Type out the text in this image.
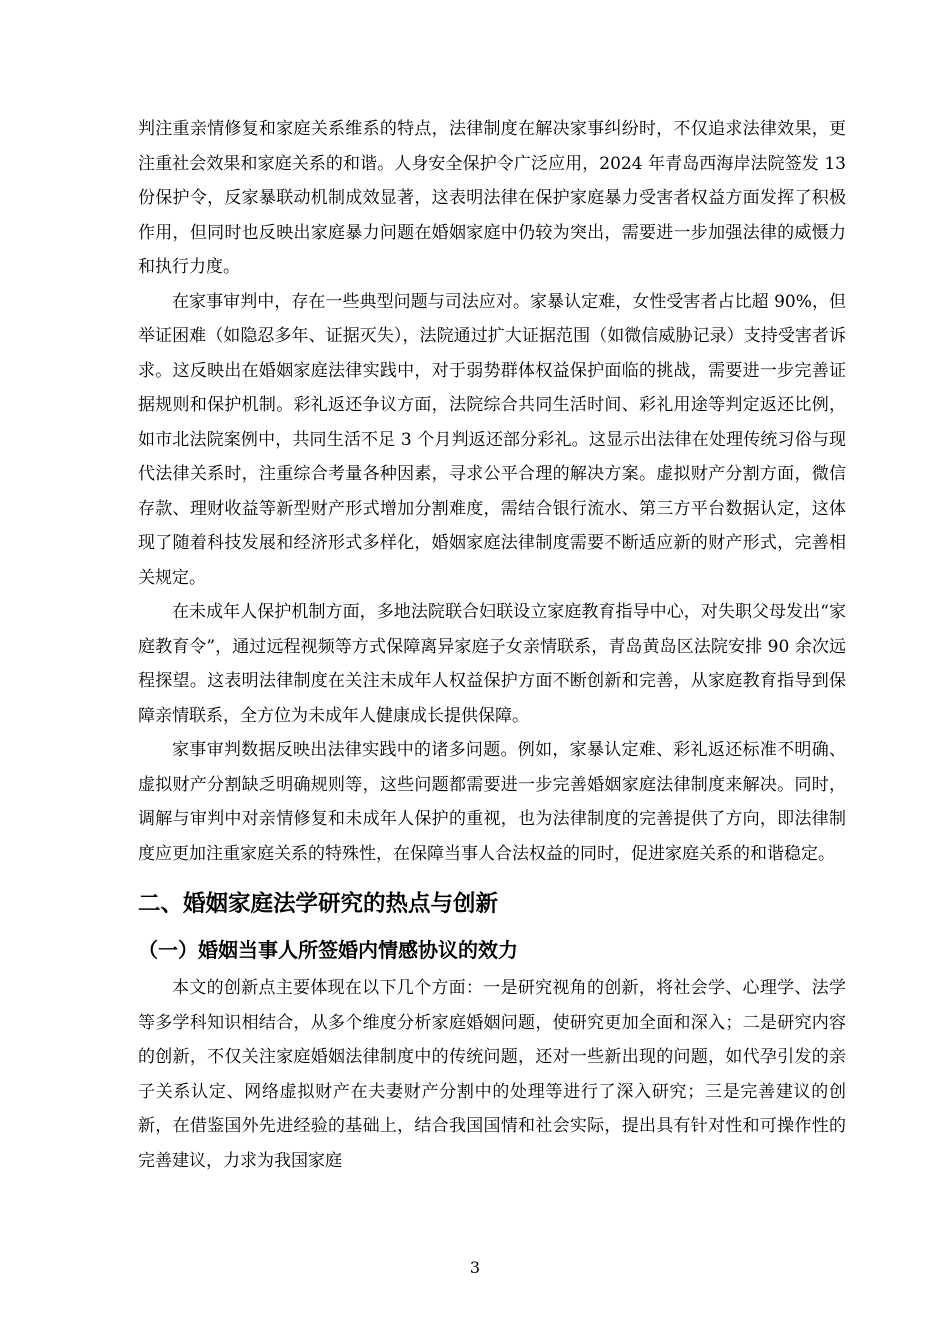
判注重亲情修复和家庭关系维系的特点，法律制度在解决家事纠纷时，不仅追求法律效果，更注重社会效果和家庭关系的和谐。人身安全保护令广泛应用，2024 年青岛西海岸法院签发 13 份保护令，反家暴联动机制成效显著，这表明法律在保护家庭暴力受害者权益方面发挥了积极作用，但同时也反映出家庭暴力问题在婚姻家庭中仍较为突出，需要进一步加强法律的威慑力和执行力度。

在家事审判中，存在一些典型问题与司法应对。家暴认定难，女性受害者占比超 90%，但举证困难（如隐忍多年、证据灭失），法院通过扩大证据范围（如微信威胁记录）支持受害者诉求。这反映出在婚姻家庭法律实践中，对于弱势群体权益保护面临的挑战，需要进一步完善证据规则和保护机制。彩礼返还争议方面，法院综合共同生活时间、彩礼用途等判定返还比例，如市北法院案例中，共同生活不足 3 个月判返还部分彩礼。这显示出法律在处理传统习俗与现代法律关系时，注重综合考量各种因素，寻求公平合理的解决方案。虚拟财产分割方面，微信存款、理财收益等新型财产形式增加分割难度，需结合银行流水、第三方平台数据认定，这体现了随着科技发展和经济形式多样化，婚姻家庭法律制度需要不断适应新的财产形式，完善相关规定。

在未成年人保护机制方面，多地法院联合妇联设立家庭教育指导中心，对失职父母发出“家庭教育令”，通过远程视频等方式保障离异家庭子女亲情联系，青岛黄岛区法院安排 90 余次远程探望。这表明法律制度在关注未成年人权益保护方面不断创新和完善，从家庭教育指导到保障亲情联系，全方位为未成年人健康成长提供保障。

家事审判数据反映出法律实践中的诸多问题。例如，家暴认定难、彩礼返还标准不明确、虚拟财产分割缺乏明确规则等，这些问题都需要进一步完善婚姻家庭法律制度来解决。同时，调解与审判中对亲情修复和未成年人保护的重视，也为法律制度的完善提供了方向，即法律制度应更加注重家庭关系的特殊性，在保障当事人合法权益的同时，促进家庭关系的和谐稳定。

二、婚姻家庭法学研究的热点与创新
（一）婚姻当事人所签婚内情感协议的效力

本文的创新点主要体现在以下几个方面：一是研究视角的创新，将社会学、心理学、法学等多学科知识相结合，从多个维度分析家庭婚姻问题，使研究更加全面和深入；二是研究内容的创新，不仅关注家庭婚姻法律制度中的传统问题，还对一些新出现的问题，如代孕引发的亲子关系认定、网络虚拟财产在夫妻财产分割中的处理等进行了深入研究；三是完善建议的创新，在借鉴国外先进经验的基础上，结合我国国情和社会实际，提出具有针对性和可操作性的完善建议，力求为我国家庭

3
